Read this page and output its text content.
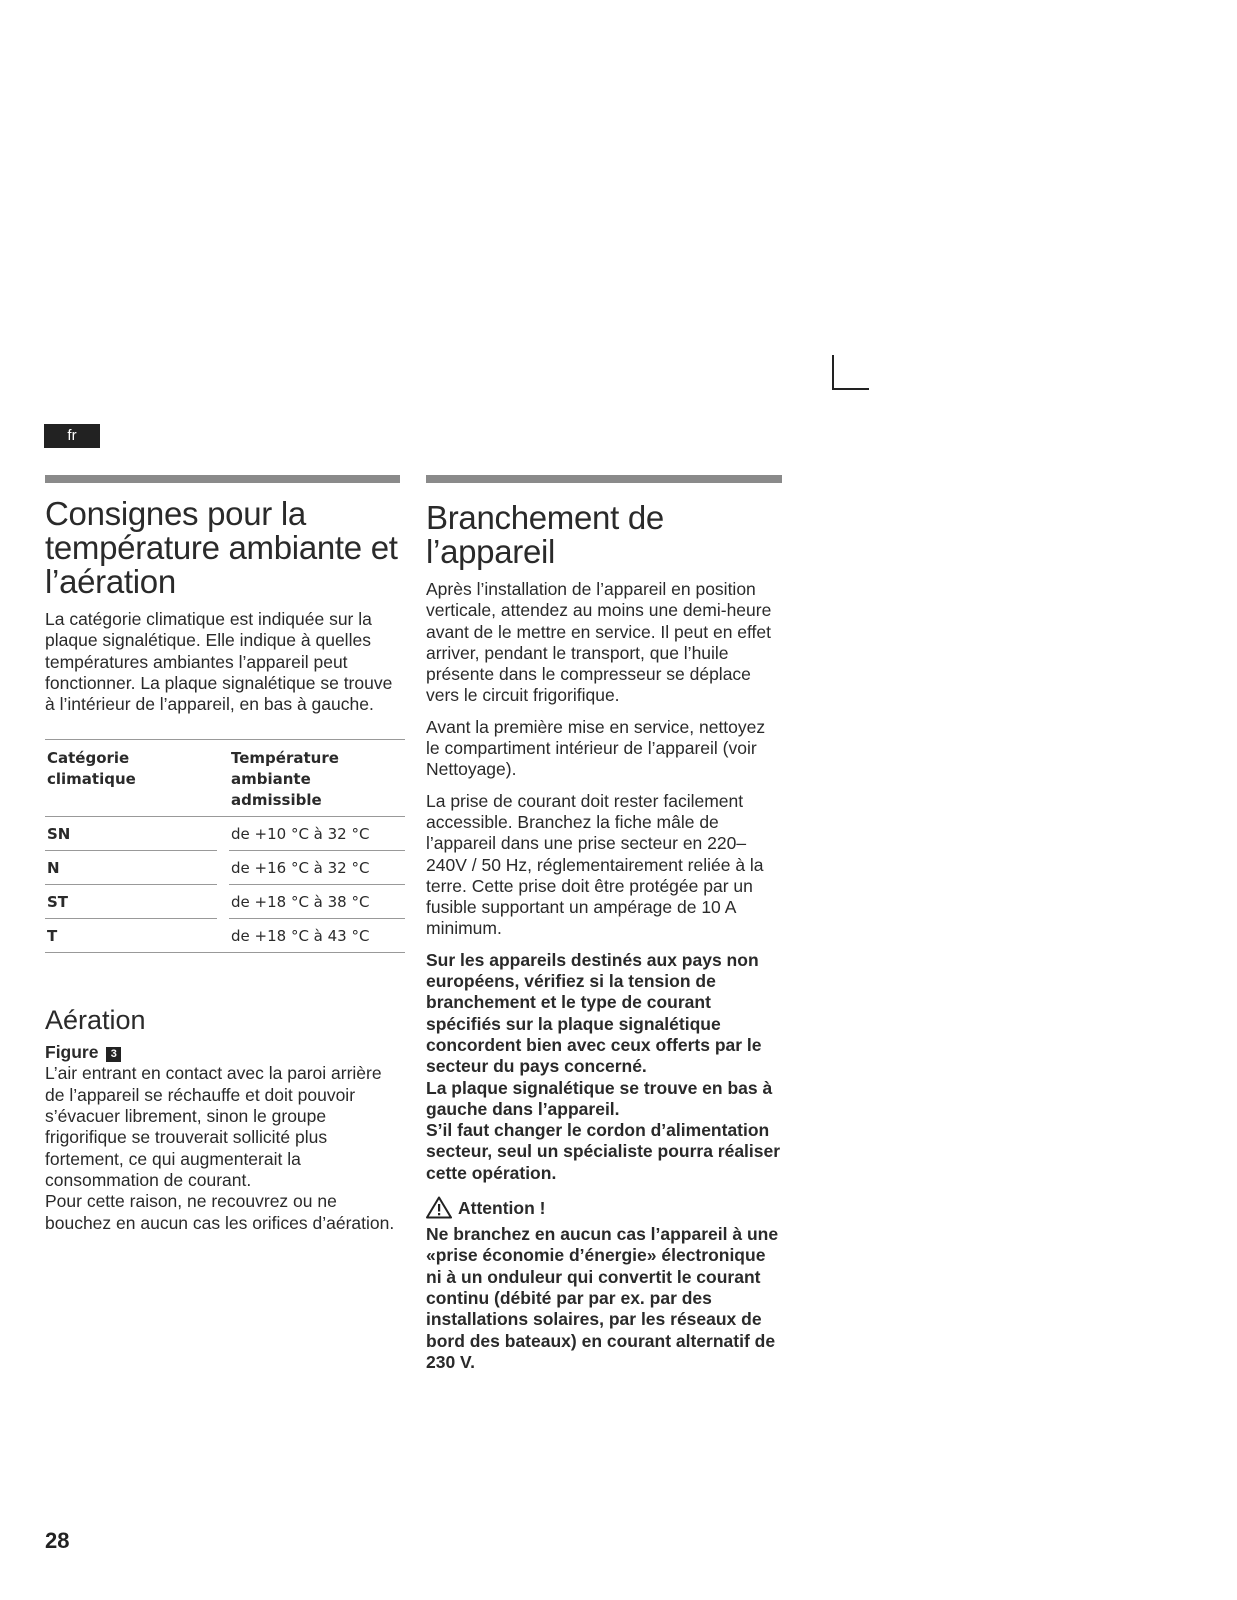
fr
Consignes pour la température ambiante et l’aération

La catégorie climatique est indiquée sur la plaque signalétique. Elle indique à quelles températures ambiantes l’appareil peut fonctionner. La plaque signalétique se trouve à l’intérieur de l’appareil, en bas à gauche.

Catégorie climatique		Température ambiante admissible
SN		de +10 °C à 32 °C
N		de +16 °C à 32 °C
ST		de +18 °C à 38 °C
T		de +18 °C à 43 °C
Aération
Figure 3

L’air entrant en contact avec la paroi arrière de l’appareil se réchauffe et doit pouvoir s’évacuer librement, sinon le groupe frigorifique se trouverait sollicité plus fortement, ce qui augmenterait la consommation de courant.

Pour cette raison, ne recouvrez ou ne bouchez en aucun cas les orifices d’aération.

Branchement de l’appareil

Après l’installation de l’appareil en position verticale, attendez au moins une demi-heure avant de le mettre en service. Il peut en effet arriver, pendant le transport, que l’huile présente dans le compresseur se déplace vers le circuit frigorifique.

Avant la première mise en service, nettoyez le compartiment intérieur de l’appareil (voir Nettoyage).

La prise de courant doit rester facilement accessible. Branchez la fiche mâle de l’appareil dans une prise secteur en 220–240V / 50 Hz, réglementairement reliée à la terre. Cette prise doit être protégée par un fusible supportant un ampérage de 10 A minimum.

Sur les appareils destinés aux pays non européens, vérifiez si la tension de branchement et le type de courant spécifiés sur la plaque signalétique concordent bien avec ceux offerts par le secteur du pays concerné.

La plaque signalétique se trouve en bas à gauche dans l’appareil.

S’il faut changer le cordon d’alimentation secteur, seul un spécialiste pourra réaliser cette opération.

Attention !

Ne branchez en aucun cas l’appareil à une «prise économie d’énergie» électronique ni à un onduleur qui convertit le courant continu (débité par par ex. par des installations solaires, par les réseaux de bord des bateaux) en courant alternatif de 230 V.

28
